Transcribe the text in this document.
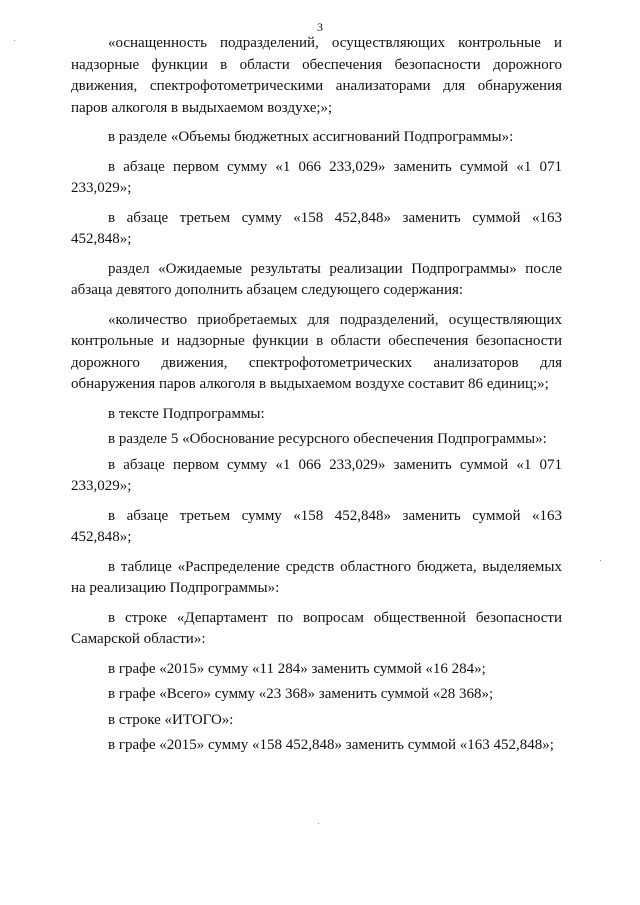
3

«оснащенность подразделений, осуществляющих контрольные и надзорные функции в области обеспечения безопасности дорожного движения, спектрофотометрическими анализаторами для обнаружения паров алкоголя в выдыхаемом воздухе;»;

в разделе «Объемы бюджетных ассигнований Подпрограммы»:

в абзаце первом сумму «1 066 233,029» заменить суммой «1 071 233,029»;

в абзаце третьем сумму «158 452,848» заменить суммой «163 452,848»;

раздел «Ожидаемые результаты реализации Подпрограммы» после абзаца девятого дополнить абзацем следующего содержания:

«количество приобретаемых для подразделений, осуществляющих контрольные и надзорные функции в области обеспечения безопасности дорожного движения, спектрофотометрических анализаторов для обнаружения паров алкоголя в выдыхаемом воздухе составит 86 единиц;»;

в тексте Подпрограммы:

в разделе 5 «Обоснование ресурсного обеспечения Подпрограммы»:

в абзаце первом сумму «1 066 233,029» заменить суммой «1 071 233,029»;

в абзаце третьем сумму «158 452,848» заменить суммой «163 452,848»;

в таблице «Распределение средств областного бюджета, выделяемых на реализацию Подпрограммы»:

в строке «Департамент по вопросам общественной безопасности Самарской области»:

в графе «2015» сумму «11 284» заменить суммой «16 284»;

в графе «Всего» сумму «23 368» заменить суммой «28 368»;

в строке «ИТОГО»:

в графе «2015» сумму «158 452,848» заменить суммой «163 452,848»;
